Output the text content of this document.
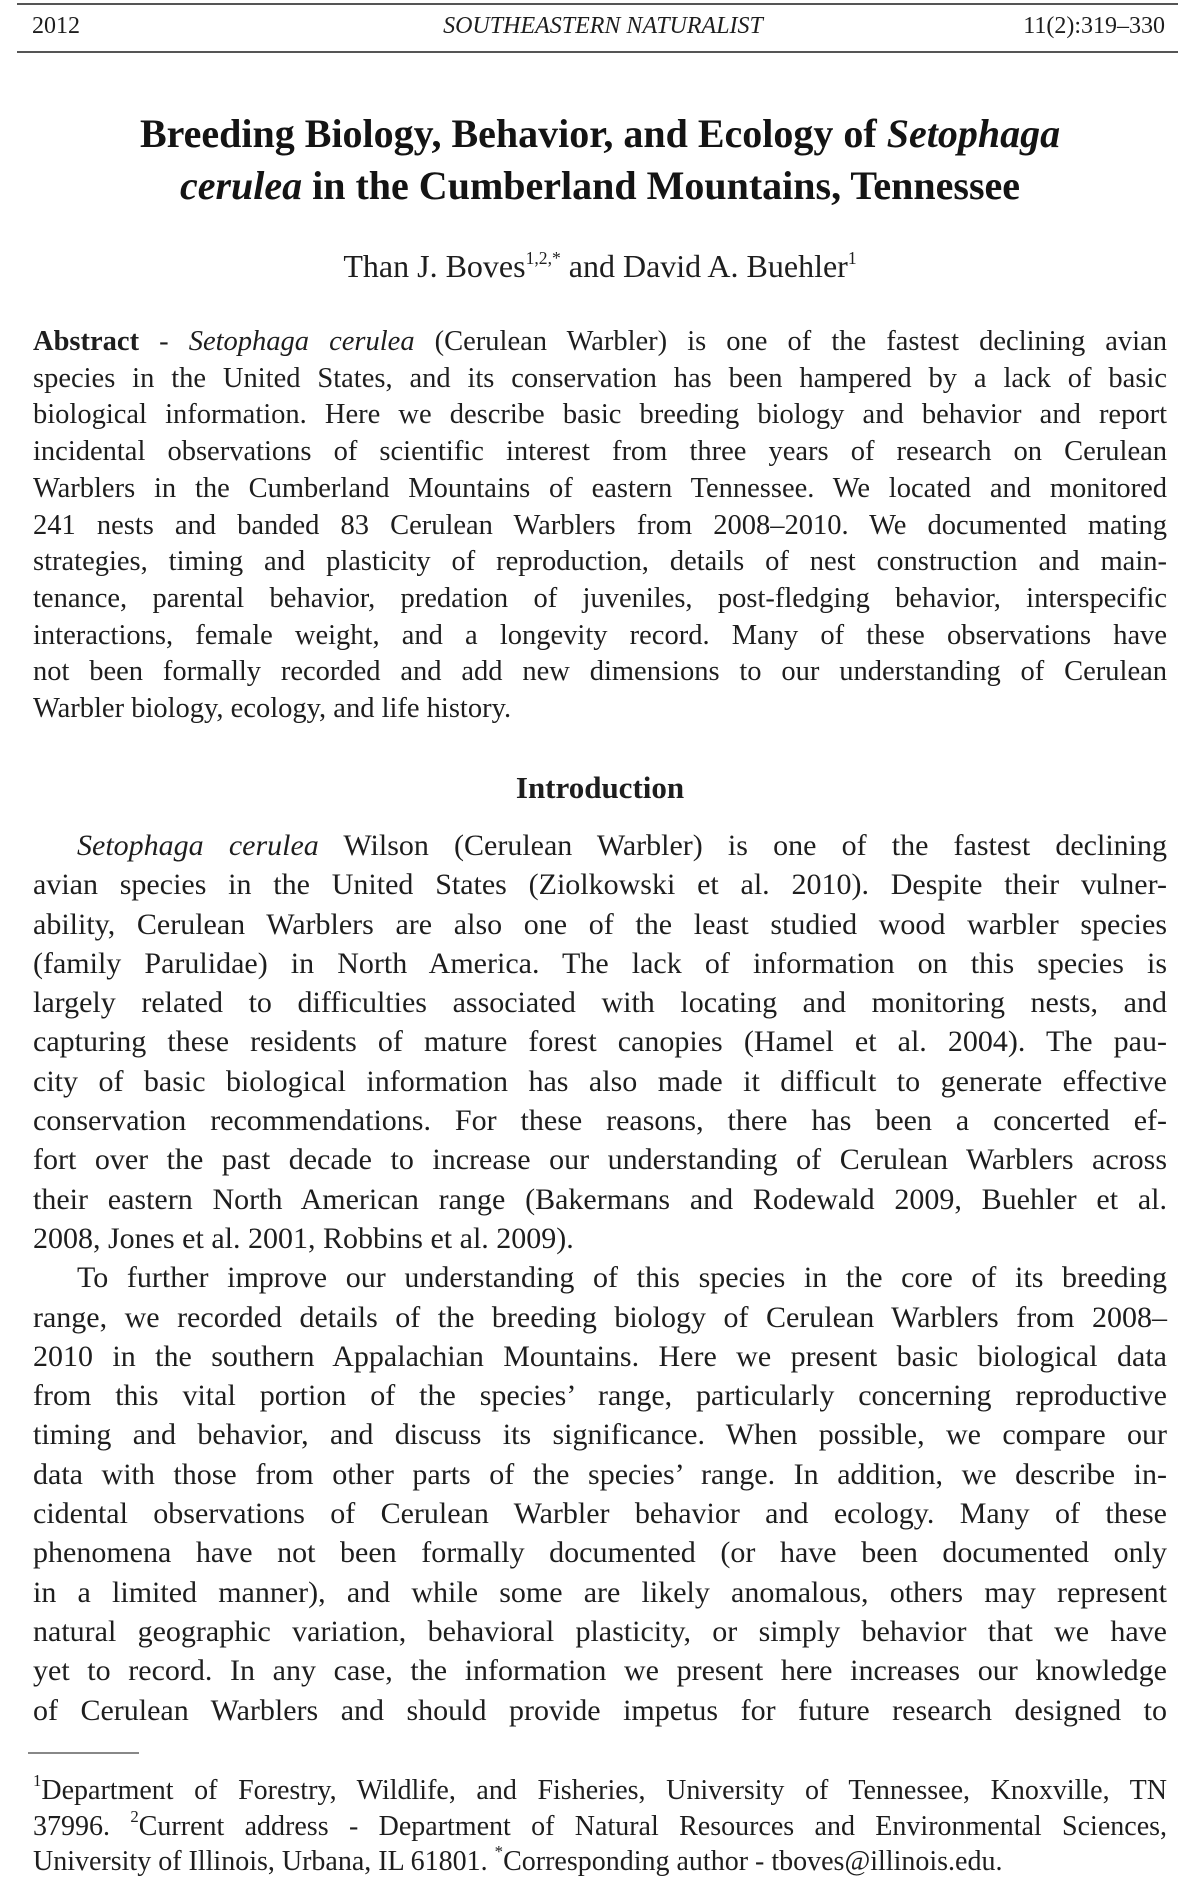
SOUTHEASTERN NATURALIST
2012	11(2):319–330
Breeding Biology, Behavior, and Ecology of Setophaga
cerulea in the Cumberland Mountains, Tennessee
Than J. Boves$^{1,2,*}$ and David A. Buehler$^1$
Abstract - Setophaga cerulea (Cerulean Warbler) is one of the fastest declining avian
species in the United States, and its conservation has been hampered by a lack of basic
biological information. Here we describe basic breeding biology and behavior and report
incidental observations of scientific interest from three years of research on Cerulean
Warblers in the Cumberland Mountains of eastern Tennessee. We located and monitored
241 nests and banded 83 Cerulean Warblers from 2008–2010. We documented mating
strategies, timing and plasticity of reproduction, details of nest construction and main-
tenance, parental behavior, predation of juveniles, post-fledging behavior, interspecific
interactions, female weight, and a longevity record. Many of these observations have
not been formally recorded and add new dimensions to our understanding of Cerulean
Warbler biology, ecology, and life history.
Introduction
Setophaga cerulea Wilson (Cerulean Warbler) is one of the fastest declining
avian species in the United States (Ziolkowski et al. 2010). Despite their vulner-
ability, Cerulean Warblers are also one of the least studied wood warbler species
(family Parulidae) in North America. The lack of information on this species is
largely related to difficulties associated with locating and monitoring nests, and
capturing these residents of mature forest canopies (Hamel et al. 2004). The pau-
city of basic biological information has also made it difficult to generate effective
conservation recommendations. For these reasons, there has been a concerted ef-
fort over the past decade to increase our understanding of Cerulean Warblers across
their eastern North American range (Bakermans and Rodewald 2009, Buehler et al.
2008, Jones et al. 2001, Robbins et al. 2009).
To further improve our understanding of this species in the core of its breeding
range, we recorded details of the breeding biology of Cerulean Warblers from 2008–
2010 in the southern Appalachian Mountains. Here we present basic biological data
from this vital portion of the species’ range, particularly concerning reproductive
timing and behavior, and discuss its significance. When possible, we compare our
data with those from other parts of the species’ range. In addition, we describe in-
cidental observations of Cerulean Warbler behavior and ecology. Many of these
phenomena have not been formally documented (or have been documented only
in a limited manner), and while some are likely anomalous, others may represent
natural geographic variation, behavioral plasticity, or simply behavior that we have
yet to record. In any case, the information we present here increases our knowledge
of Cerulean Warblers and should provide impetus for future research designed to
$^1$Department of Forestry, Wildlife, and Fisheries, University of Tennessee, Knoxville, TN
37996. $^2$Current address - Department of Natural Resources and Environmental Sciences,
University of Illinois, Urbana, IL 61801. *Corresponding author - tboves@illinois.edu.
